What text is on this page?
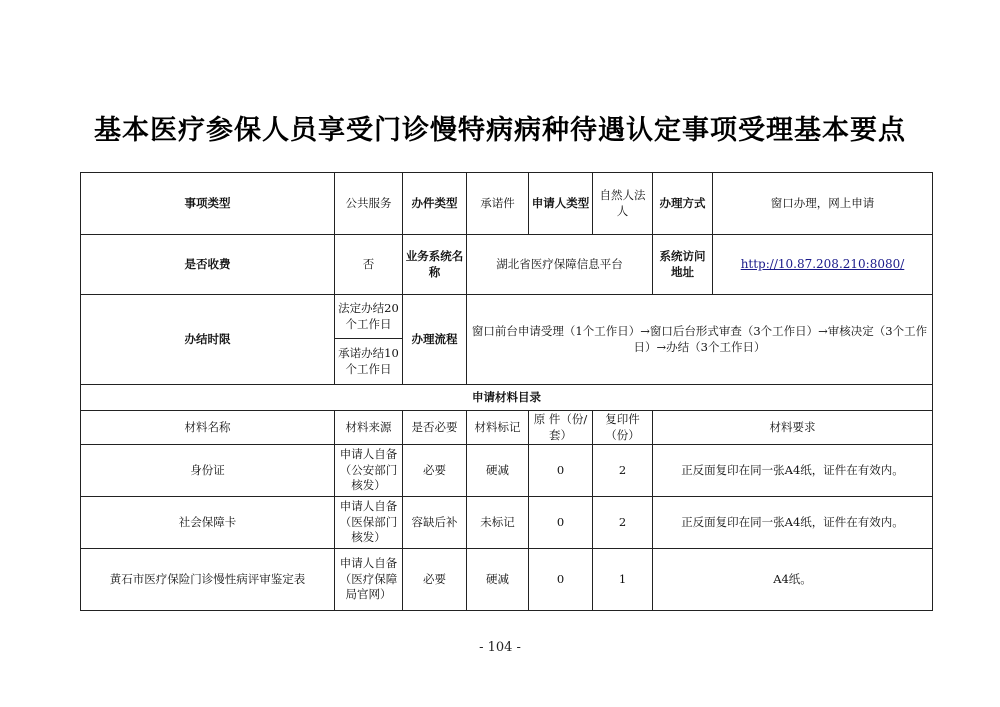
基本医疗参保人员享受门诊慢特病病种待遇认定事项受理基本要点
事项类型	公共服务	办件类型	承诺件	申请人类型	自然人法人	办理方式	窗口办理，网上申请
是否收费	否	业务系统名称	湖北省医疗保障信息平台			系统访问地址	http://10.87.208.210:8080/
办结时限	法定办结20个工作日	办理流程	窗口前台申请受理（1个工作日）→窗口后台形式审查（3个工作日）→审核决定（3个工作日）→办结（3个工作日）				
	承诺办结10个工作日						
申请材料目录							
材料名称	材料来源	是否必要	材料标记	原 件（份/套）	复印件（份）	材料要求	
身份证	申请人自备（公安部门核发）	必要	硬减	0	2	正反面复印在同一张A4纸，证件在有效内。	
社会保障卡	申请人自备（医保部门核发）	容缺后补	未标记	0	2	正反面复印在同一张A4纸，证件在有效内。	
黄石市医疗保险门诊慢性病评审鉴定表	申请人自备（医疗保障局官网）	必要	硬减	0	1	A4纸。	
- 104 -
